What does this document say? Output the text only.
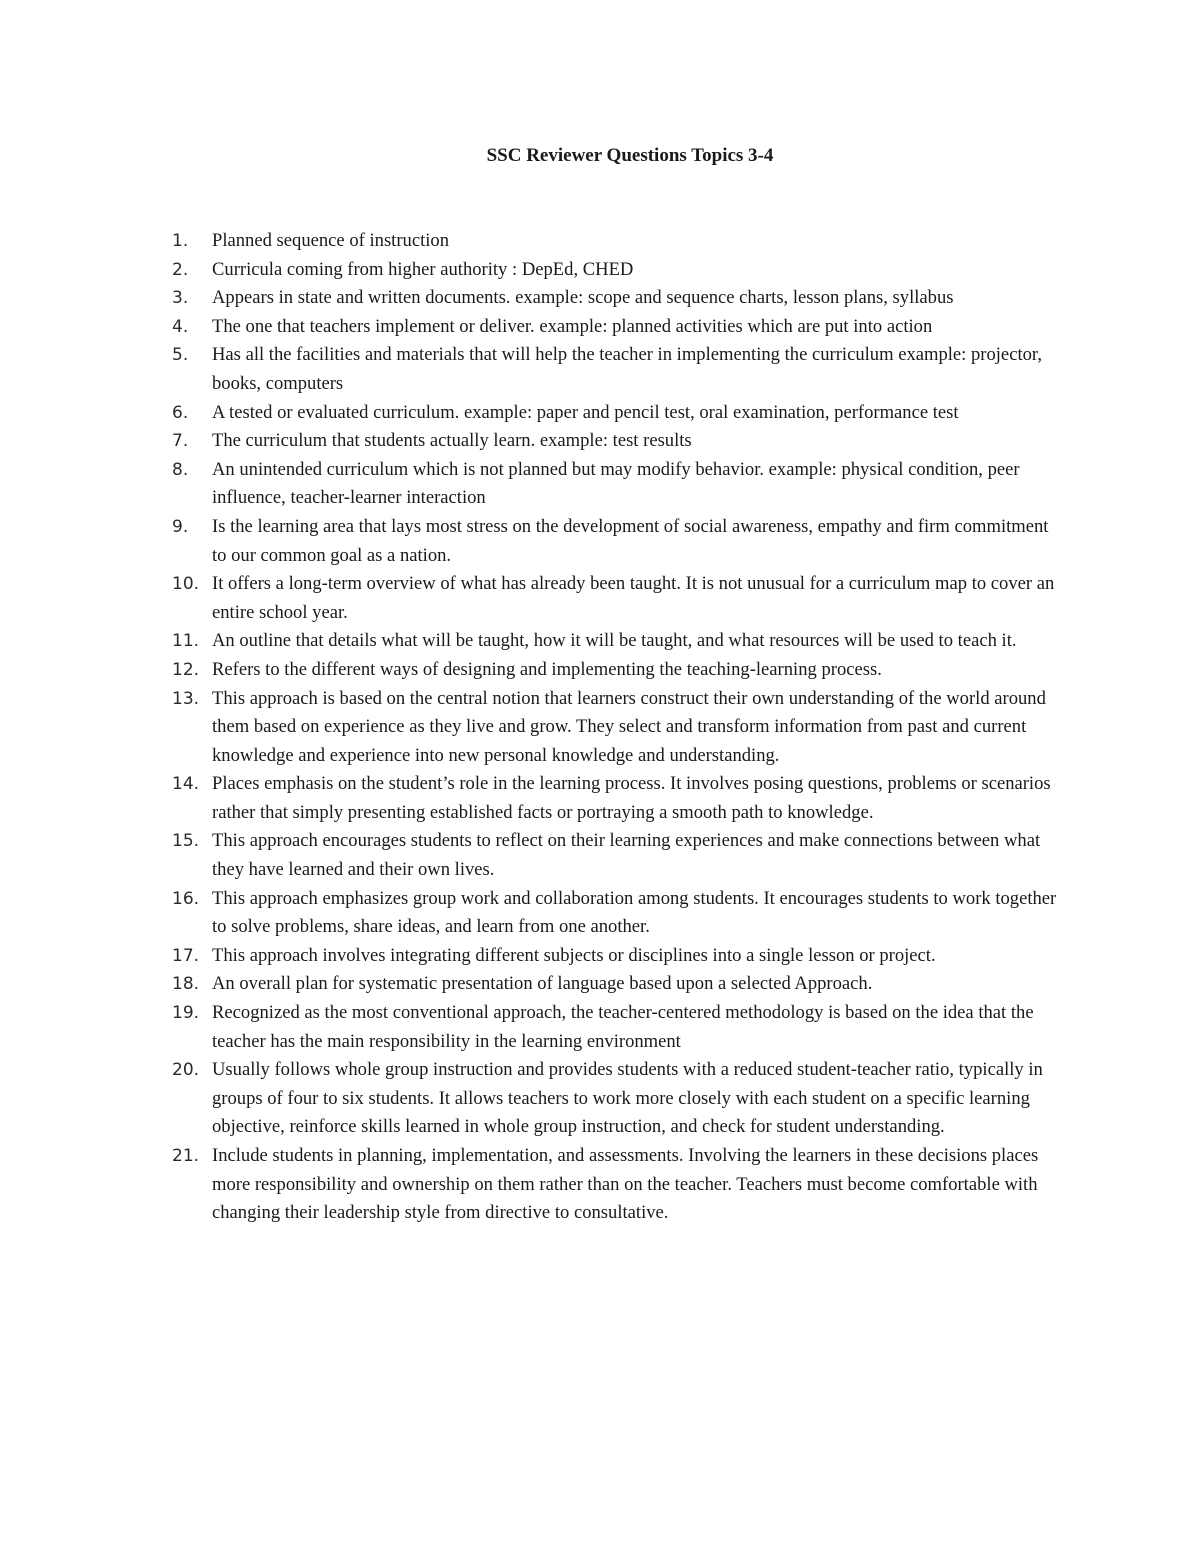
SSC Reviewer Questions Topics 3-4
1.	Planned sequence of instruction
2.	Curricula coming from higher authority : DepEd, CHED
3.	Appears in state and written documents. example: scope and sequence charts, lesson plans, syllabus
4.	The one that teachers implement or deliver. example: planned activities which are put into action
5.	Has all the facilities and materials that will help the teacher in implementing the curriculum example: projector, books, computers
6.	A tested or evaluated curriculum. example: paper and pencil test, oral examination, performance test
7.	The curriculum that students actually learn. example: test results
8.	An unintended curriculum which is not planned but may modify behavior. example: physical condition, peer influence, teacher-learner interaction
9.	Is the learning area that lays most stress on the development of social awareness, empathy and firm commitment to our common goal as a nation.
10. It offers a long-term overview of what has already been taught. It is not unusual for a curriculum map to cover an entire school year.
11. An outline that details what will be taught, how it will be taught, and what resources will be used to teach it.
12. Refers to the different ways of designing and implementing the teaching-learning process.
13. This approach is based on the central notion that learners construct their own understanding of the world around them based on experience as they live and grow. They select and transform information from past and current knowledge and experience into new personal knowledge and understanding.
14. Places emphasis on the student’s role in the learning process. It involves posing questions, problems or scenarios rather that simply presenting established facts or portraying a smooth path to knowledge.
15. This approach encourages students to reflect on their learning experiences and make connections between what they have learned and their own lives.
16. This approach emphasizes group work and collaboration among students. It encourages students to work together to solve problems, share ideas, and learn from one another.
17. This approach involves integrating different subjects or disciplines into a single lesson or project.
18. An overall plan for systematic presentation of language based upon a selected Approach.
19. Recognized as the most conventional approach, the teacher-centered methodology is based on the idea that the teacher has the main responsibility in the learning environment
20. Usually follows whole group instruction and provides students with a reduced student-teacher ratio, typically in groups of four to six students. It allows teachers to work more closely with each student on a specific learning objective, reinforce skills learned in whole group instruction, and check for student understanding.
21. Include students in planning, implementation, and assessments. Involving the learners in these decisions places more responsibility and ownership on them rather than on the teacher. Teachers must become comfortable with changing their leadership style from directive to consultative.
